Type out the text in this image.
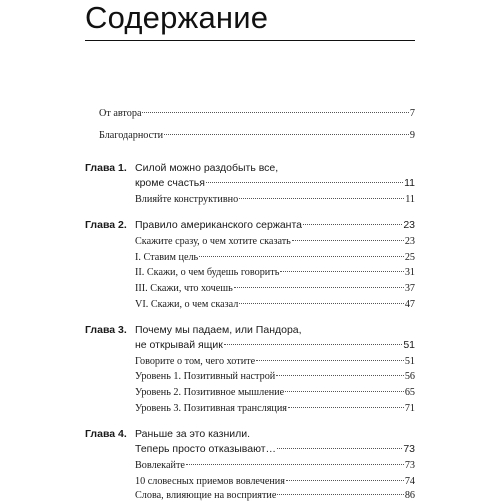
Содержание
От автора	7
Благодарности	9
Глава 1. Силой можно раздобыть все,
кроме счастья	11
Влияйте конструктивно	11
Глава 2. Правило американского сержанта	23
Скажите сразу, о чем хотите сказать	23
I. Ставим цель	25
II. Скажи, о чем будешь говорить	31
III. Скажи, что хочешь	37
VI. Скажи, о чем сказал	47
Глава 3. Почему мы падаем, или Пандора,
не открывай ящик	51
Говорите о том, чего хотите	51
Уровень 1. Позитивный настрой	56
Уровень 2. Позитивное мышление	65
Уровень 3. Позитивная трансляция	71
Глава 4. Раньше за это казнили.
Теперь просто отказывают…	73
Вовлекайте	73
10 словесных приемов вовлечения	74
Слова, влияющие на восприятие	86
